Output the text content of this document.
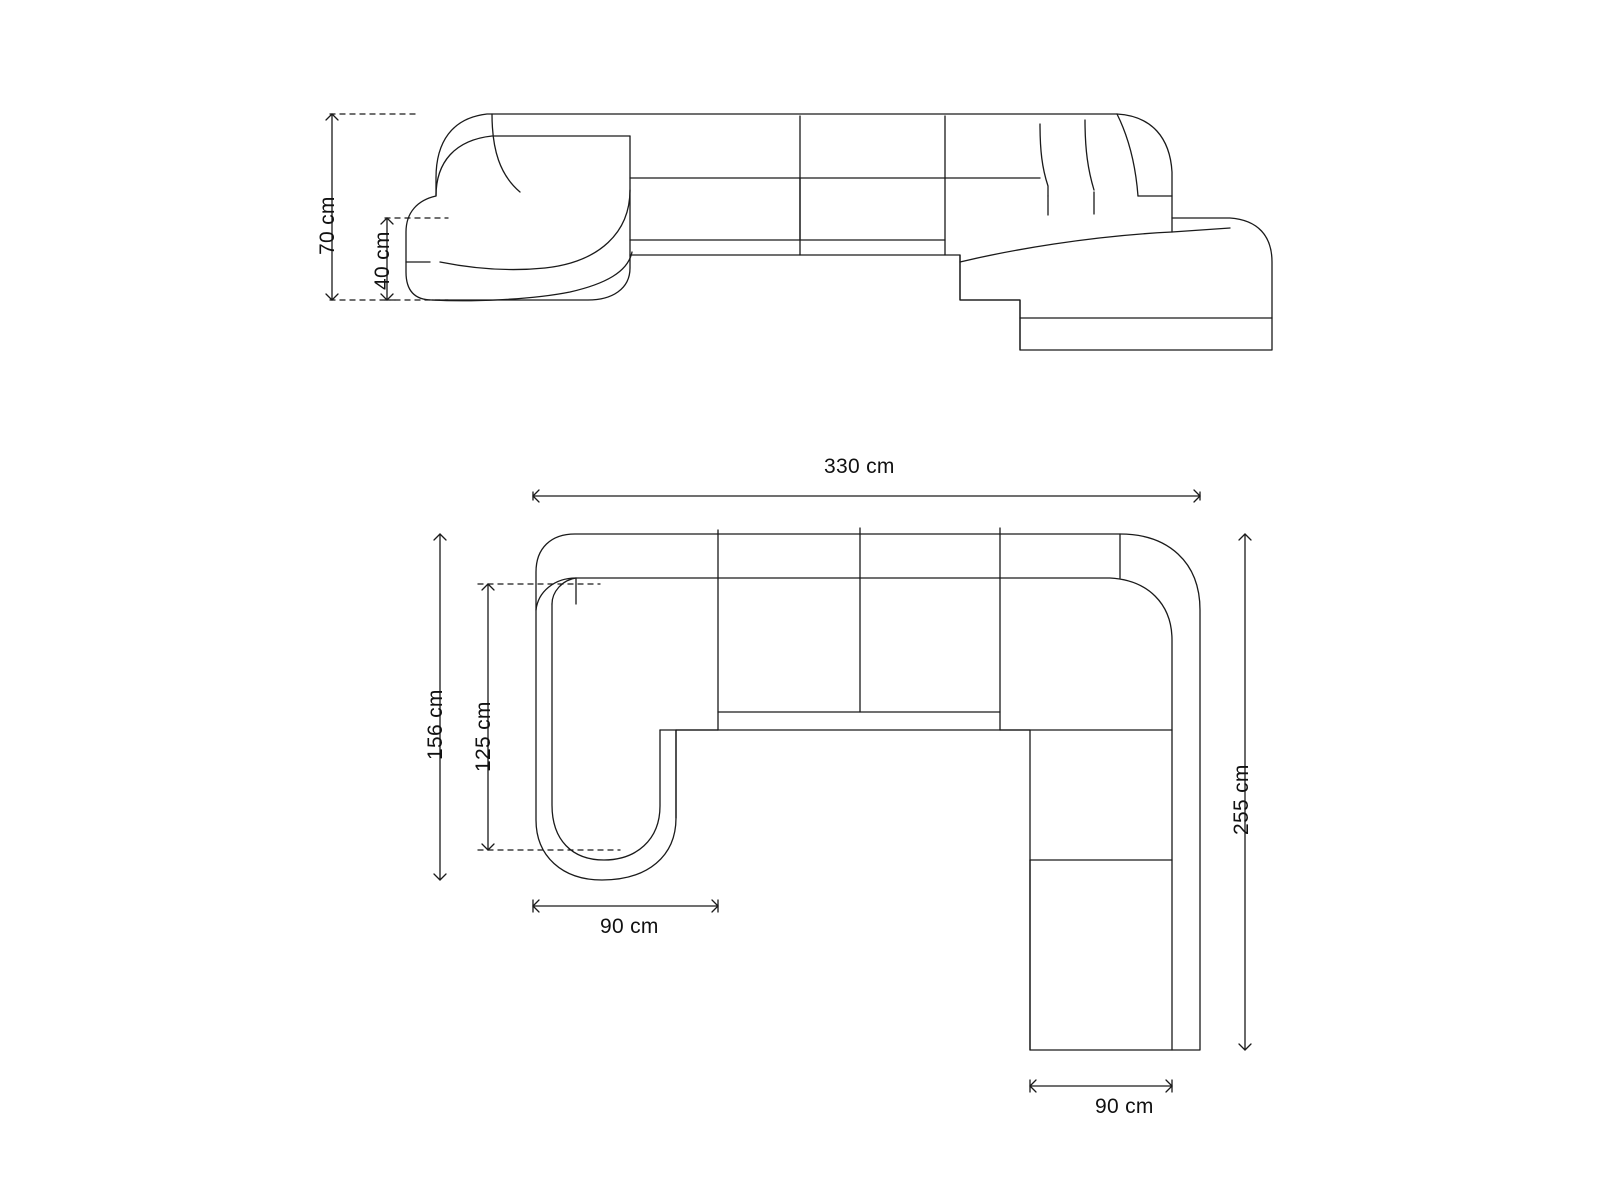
70 cm
40 cm
330 cm
156 cm 125 cm
90 cm
255 cm
90 cm
